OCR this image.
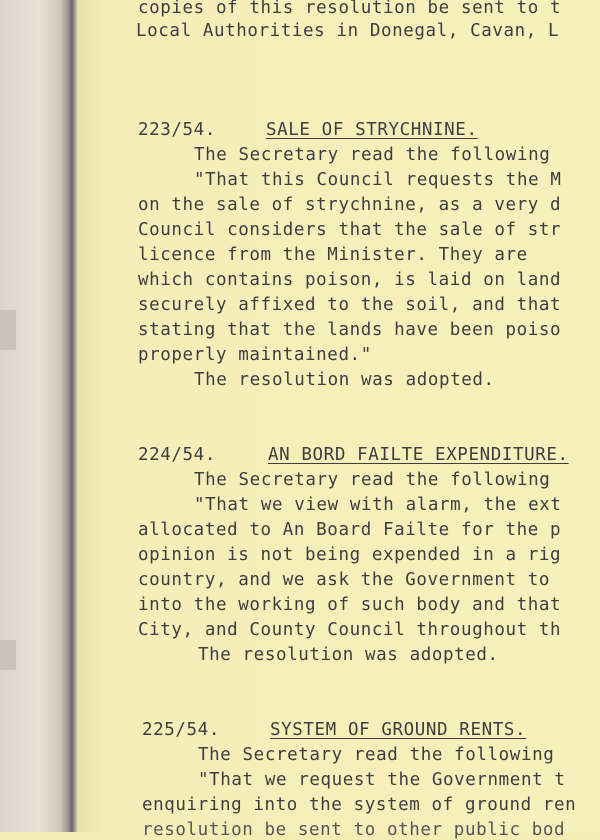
copies of this resolution be sent to t
Local Authorities in Donegal, Cavan, L
223/54.	SALE OF STRYCHNINE.
The Secretary read the following
"That this Council requests the M
on the sale of strychnine, as a very d
Council considers that the sale of str
licence from the Minister. They are
which contains poison, is laid on land
securely affixed to the soil, and that
stating that the lands have been poiso
properly maintained."
The resolution was adopted.
224/54.	AN BORD FAILTE EXPENDITURE.
The Secretary read the following
"That we view with alarm, the ext
allocated to An Board Failte for the p
opinion is not being expended in a rig
country, and we ask the Government to
into the working of such body and that
City, and County Council throughout th
The resolution was adopted.
225/54.	SYSTEM OF GROUND RENTS.
The Secretary read the following
"That we request the Government t
enquiring into the system of ground ren
resolution be sent to other public bod
